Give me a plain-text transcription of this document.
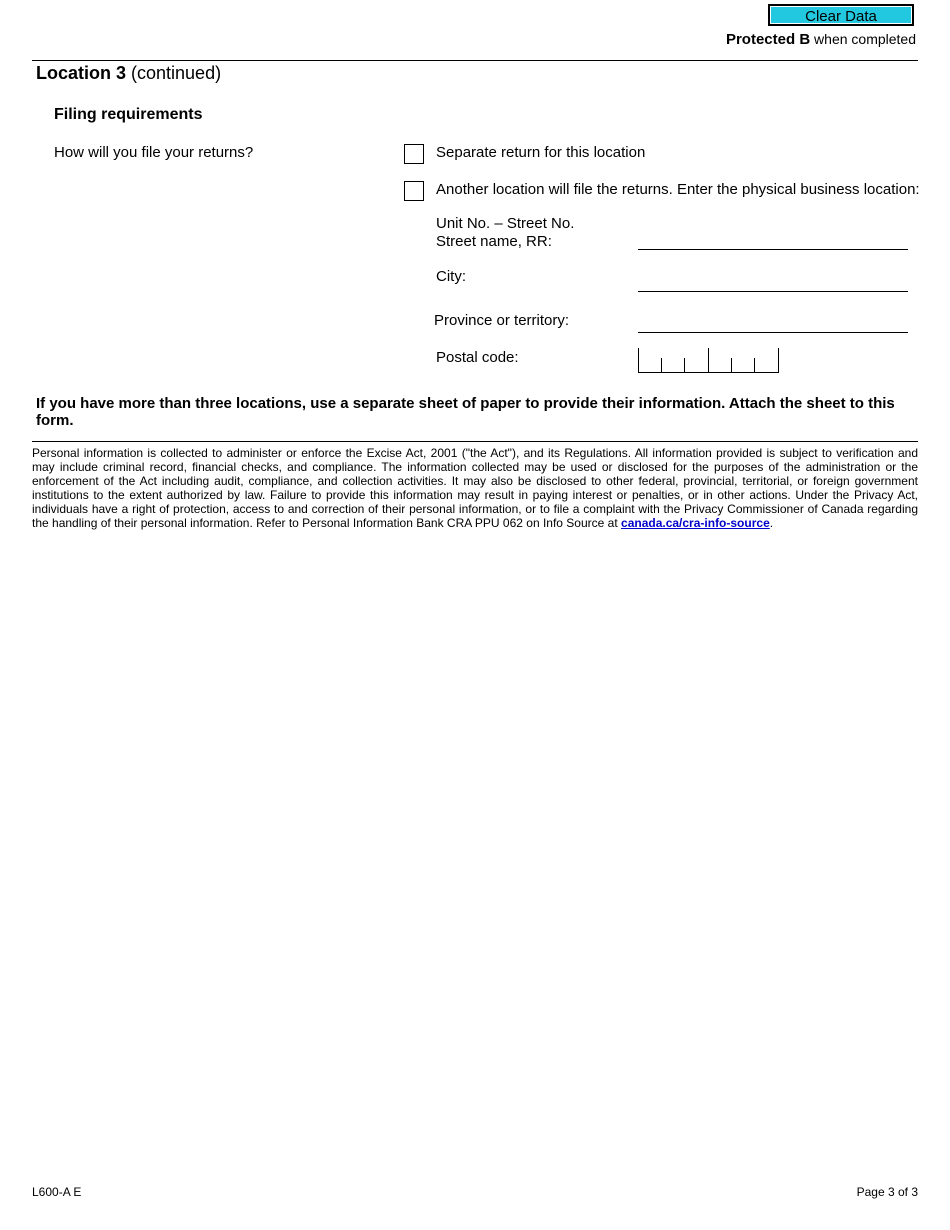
Clear Data
Protected B when completed
Location 3 (continued)
Filing requirements
How will you file your returns?	Separate return for this location
Another location will file the returns. Enter the physical business location:
Unit No. – Street No.
Street name, RR:
City:
Province or territory:
Postal code:
If you have more than three locations, use a separate sheet of paper to provide their information. Attach the sheet to this form.
Personal information is collected to administer or enforce the Excise Act, 2001 ("the Act"), and its Regulations. All information provided is subject to verification and may include criminal record, financial checks, and compliance. The information collected may be used or disclosed for the purposes of the administration or the enforcement of the Act including audit, compliance, and collection activities. It may also be disclosed to other federal, provincial, territorial, or foreign government institutions to the extent authorized by law. Failure to provide this information may result in paying interest or penalties, or in other actions. Under the Privacy Act, individuals have a right of protection, access to and correction of their personal information, or to file a complaint with the Privacy Commissioner of Canada regarding the handling of their personal information. Refer to Personal Information Bank CRA PPU 062 on Info Source at canada.ca/cra-info-source.
L600-A E	Page 3 of 3
